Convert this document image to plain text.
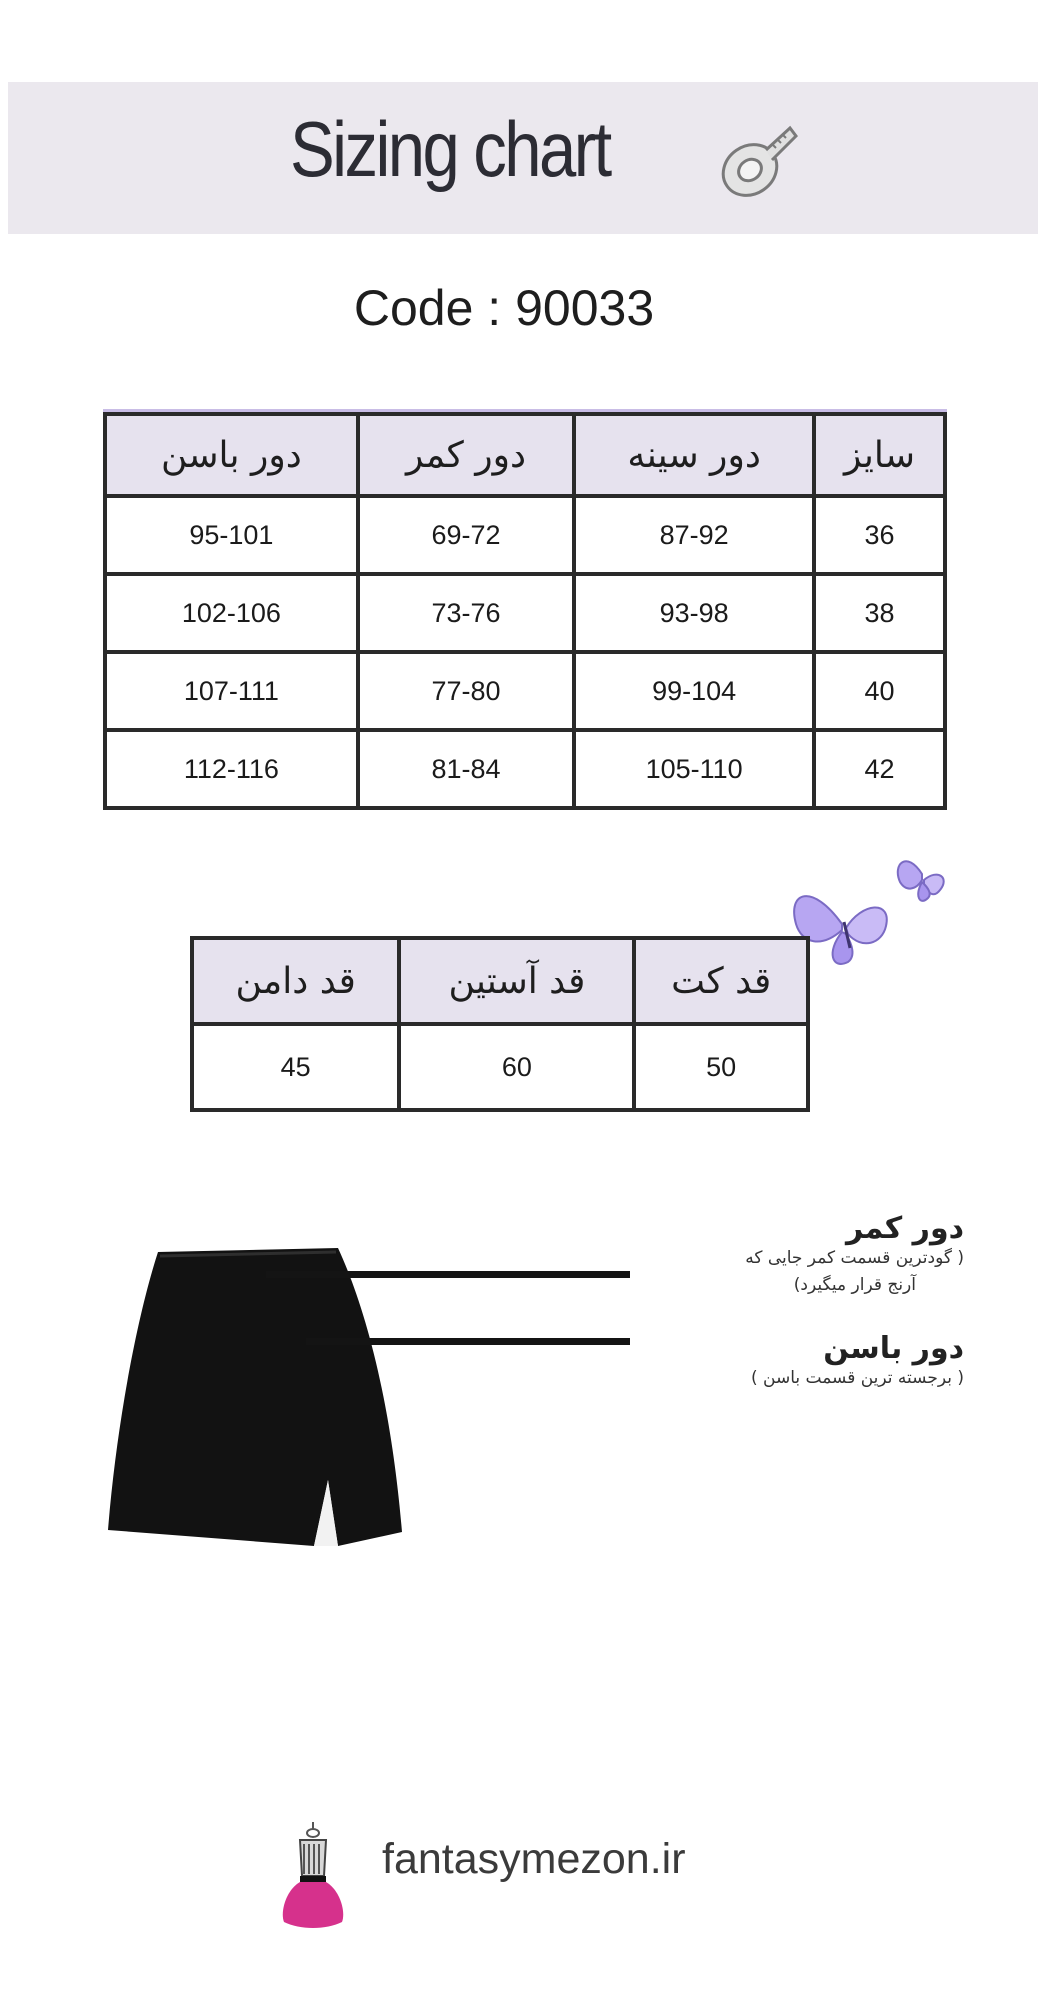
Sizing chart
Code : 90033
دور باسن	دور کمر	دور سینه	سایز
95-101	69-72	87-92	36
102-106	73-76	93-98	38
107-111	77-80	99-104	40
112-116	81-84	105-110	42
قد دامن	قد آستین	قد کت
45	60	50
دور کمر
( گودترین قسمت کمر جایی که
آرنج قرار میگیرد)
دور باسن
( برجسته ترین قسمت باسن )
fantasymezon.ir
